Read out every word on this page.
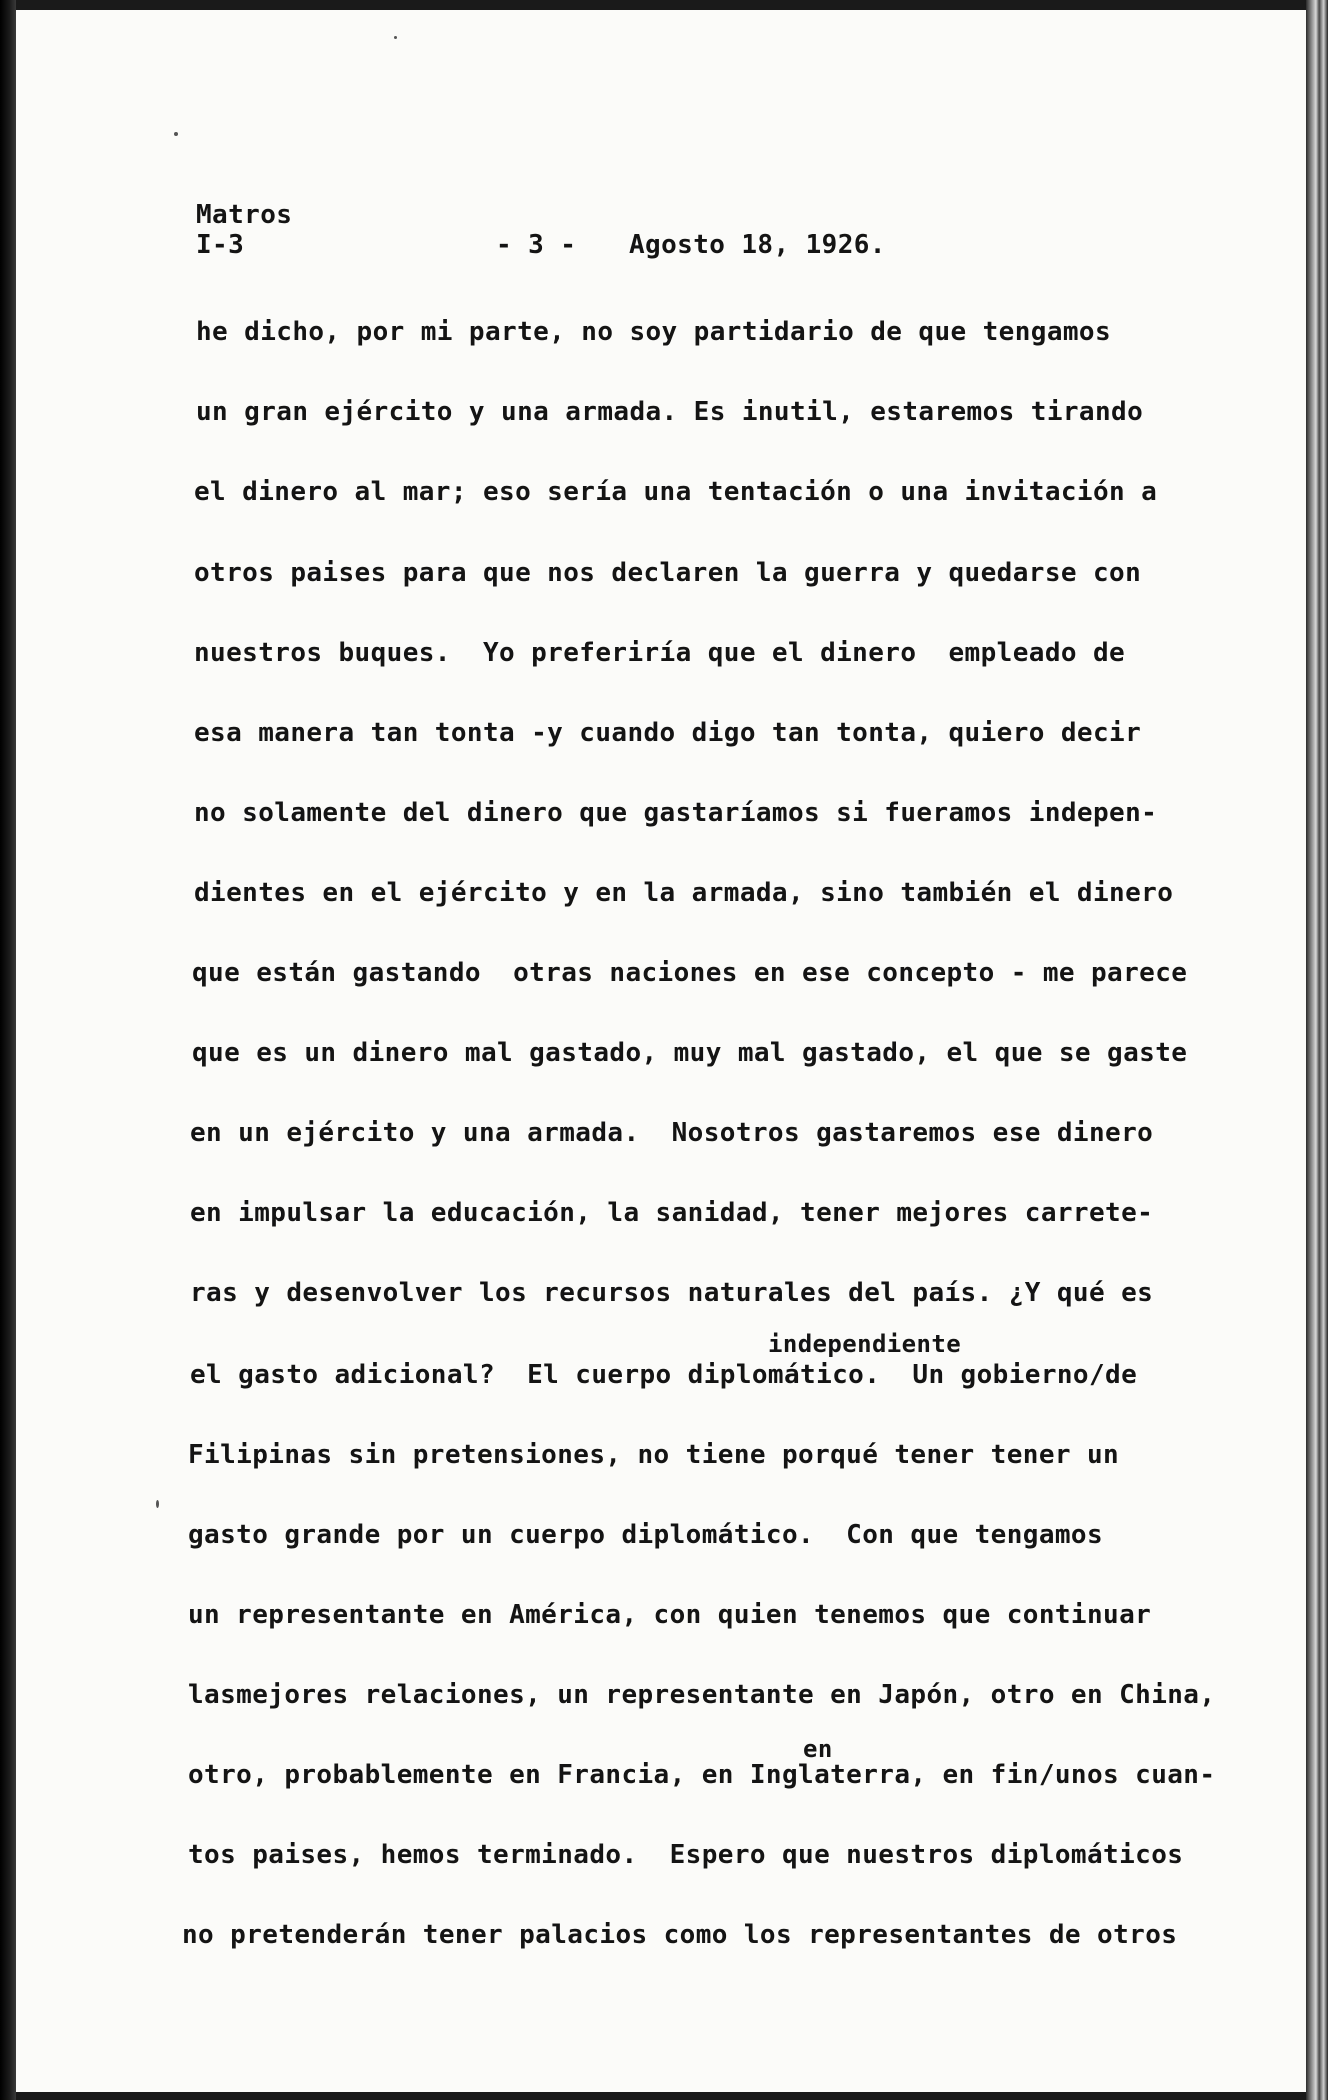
Matros
I-3	- 3 - Agosto 18, 1926.
independiente
en
he dicho, por mi parte, no soy partidario de que tengamos
un gran ejército y una armada. Es inutil, estaremos tirando
el dinero al mar; eso sería una tentación o una invitación a
otros paises para que nos declaren la guerra y quedarse con
nuestros buques.  Yo preferiría que el dinero  empleado de
esa manera tan tonta -y cuando digo tan tonta, quiero decir
no solamente del dinero que gastaríamos si fueramos indepen-
dientes en el ejército y en la armada, sino también el dinero
que están gastando  otras naciones en ese concepto - me parece
que es un dinero mal gastado, muy mal gastado, el que se gaste
en un ejército y una armada.  Nosotros gastaremos ese dinero
en impulsar la educación, la sanidad, tener mejores carrete-
ras y desenvolver los recursos naturales del país. ¿Y qué es
el gasto adicional?  El cuerpo diplomático.  Un gobierno/de
Filipinas sin pretensiones, no tiene porqué tener tener un
gasto grande por un cuerpo diplomático.  Con que tengamos
un representante en América, con quien tenemos que continuar
lasmejores relaciones, un representante en Japón, otro en China,
otro, probablemente en Francia, en Inglaterra, en fin/unos cuan-
tos paises, hemos terminado.  Espero que nuestros diplomáticos
no pretenderán tener palacios como los representantes de otros
